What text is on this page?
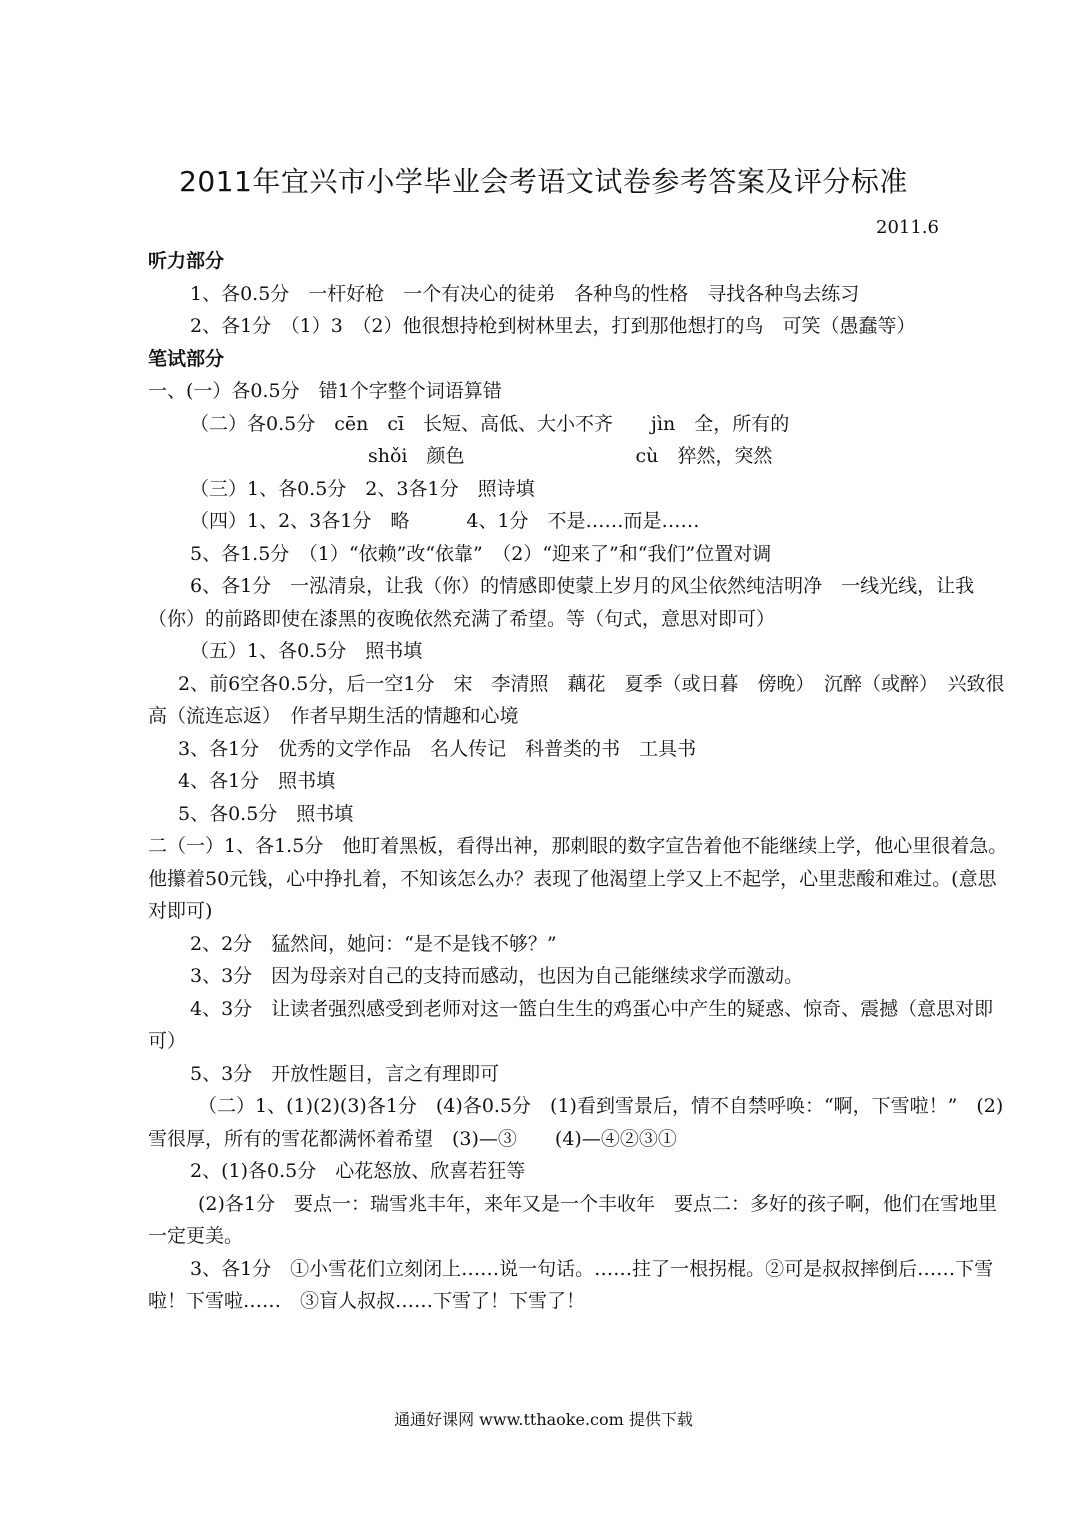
2011年宜兴市小学毕业会考语文试卷参考答案及评分标准
2011.6
听力部分
1、各0.5分　一杆好枪　一个有决心的徒弟　各种鸟的性格　寻找各种鸟去练习
2、各1分　（1）3　（2）他很想持枪到树林里去，打到那他想打的鸟　可笑（愚蠢等）
笔试部分
一、(一）各0.5分　错1个字整个词语算错
（二）各0.5分　cēn　cī　长短、高低、大小不齐　　jìn　全，所有的
shǒi　颜色　　　　　　　　　cù　猝然，突然
（三）1、各0.5分　2、3各1分　照诗填
（四）1、2、3各1分　略　　　4、1分　不是……而是……
5、各1.5分　（1）“依赖”改“依靠”　（2）“迎来了”和“我们”位置对调
6、各1分　一泓清泉，让我（你）的情感即使蒙上岁月的风尘依然纯洁明净　一线光线，让我（你）的前路即使在漆黑的夜晚依然充满了希望。等（句式，意思对即可）
（五）1、各0.5分　照书填
2、前6空各0.5分，后一空1分　宋　李清照　藕花　夏季（或日暮　傍晚）　沉醉（或醉）　兴致很高（流连忘返）　作者早期生活的情趣和心境
3、各1分　优秀的文学作品　名人传记　科普类的书　工具书
4、各1分　照书填
5、各0.5分　照书填
二（一）1、各1.5分　他盯着黑板，看得出神，那刺眼的数字宣告着他不能继续上学，他心里很着急。他攥着50元钱，心中挣扎着，不知该怎么办？表现了他渴望上学又上不起学，心里悲酸和难过。(意思对即可)
2、2分　猛然间，她问：“是不是钱不够？”
3、3分　因为母亲对自己的支持而感动，也因为自己能继续求学而激动。
4、3分　让读者强烈感受到老师对这一篮白生生的鸡蛋心中产生的疑惑、惊奇、震撼（意思对即可）
5、3分　开放性题目，言之有理即可
（二）1、(1)(2)(3)各1分　(4)各0.5分　(1)看到雪景后，情不自禁呼唤：“啊，下雪啦！”　(2)雪很厚，所有的雪花都满怀着希望　(3)—③　　(4)—④②③①
2、(1)各0.5分　心花怒放、欣喜若狂等
(2)各1分　要点一：瑞雪兆丰年，来年又是一个丰收年　要点二：多好的孩子啊，他们在雪地里一定更美。
3、各1分　①小雪花们立刻闭上……说一句话。……拄了一根拐棍。②可是叔叔摔倒后……下雪啦！下雪啦……　③盲人叔叔……下雪了！下雪了！
通通好课网 www.tthaoke.com 提供下载
